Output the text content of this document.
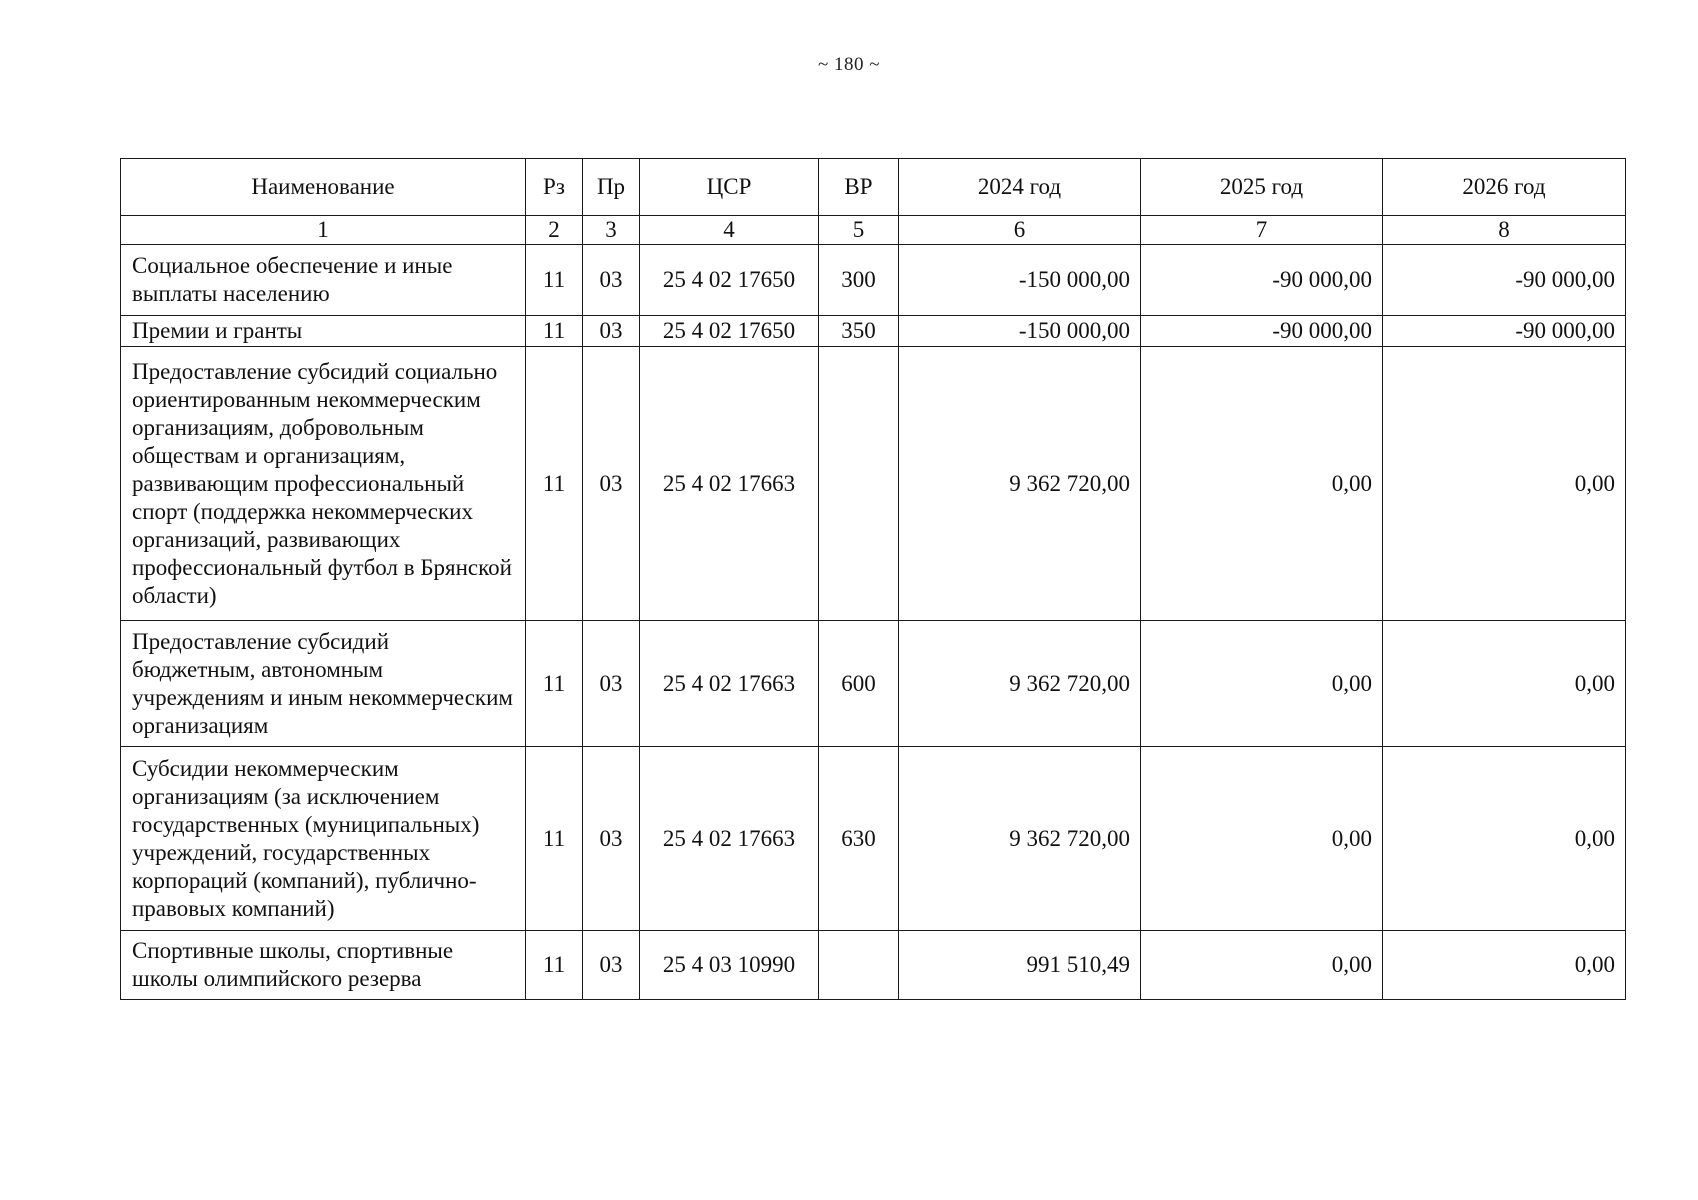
~ 180 ~
Наименование	Рз	Пр	ЦСР	ВР	2024 год	2025 год	2026 год
1	2	3	4	5	6	7	8
Социальное обеспечение и иные выплаты населению	11	03	25 4 02 17650	300	-150 000,00	-90 000,00	-90 000,00
Премии и гранты	11	03	25 4 02 17650	350	-150 000,00	-90 000,00	-90 000,00
Предоставление субсидий социально ориентированным некоммерческим организациям, добровольным обществам и организациям, развивающим профессиональный спорт (поддержка некоммерческих организаций, развивающих профессиональный футбол в Брянской области)	11	03	25 4 02 17663		9 362 720,00	0,00	0,00
Предоставление субсидий бюджетным, автономным учреждениям и иным некоммерческим организациям	11	03	25 4 02 17663	600	9 362 720,00	0,00	0,00
Субсидии некоммерческим организациям (за исключением государственных (муниципальных) учреждений, государственных корпораций (компаний), публично-правовых компаний)	11	03	25 4 02 17663	630	9 362 720,00	0,00	0,00
Спортивные школы, спортивные школы олимпийского резерва	11	03	25 4 03 10990		991 510,49	0,00	0,00
